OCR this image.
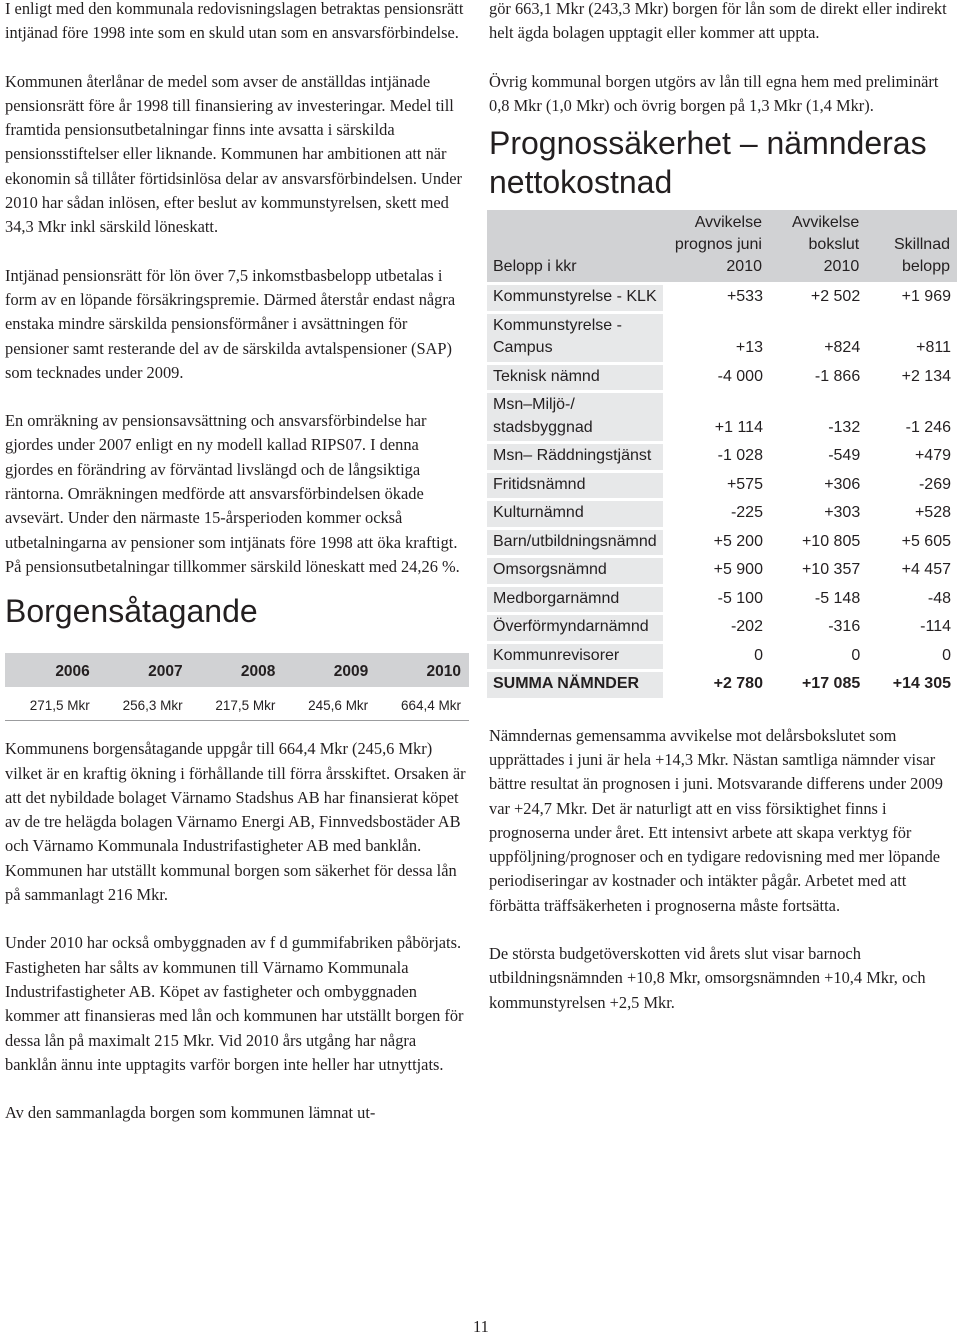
I enligt med den kommunala redovisningslagen betraktas pensionsrätt intjänad före 1998 inte som en skuld utan som en ansvarsförbindelse.

Kommunen återlånar de medel som avser de anställdas intjänade pensionsrätt före år 1998 till finansiering av investeringar. Medel till framtida pensionsutbetalningar finns inte avsatta i särskilda pensionsstiftelser eller liknande. Kommunen har ambitionen att när ekonomin så tillåter förtidsinlösa delar av ansvarsförbindelsen. Under 2010 har sådan inlösen, efter beslut av kommunstyrelsen, skett med 34,3 Mkr inkl särskild löneskatt.

Intjänad pensionsrätt för lön över 7,5 inkomstbasbelopp utbetalas i form av en löpande försäkringspremie. Därmed återstår endast några enstaka mindre särskilda pensionsförmåner i avsättningen för pensioner samt resterande del av de särskilda avtalspensioner (SAP) som tecknades under 2009.

En omräkning av pensionsavsättning och ansvarsförbindelse har gjordes under 2007 enligt en ny modell kallad RIPS07. I denna gjordes en förändring av förväntad livslängd och de långsiktiga räntorna. Omräkningen medförde att ansvarsförbindelsen ökade avsevärt. Under den närmaste 15-årsperioden kommer också utbetalningarna av pensioner som intjänats före 1998 att öka kraftigt. På pensionsutbetalningar tillkommer särskild löneskatt med 24,26 %.

Borgensåtagande
2006	2007	2008	2009	2010
271,5 Mkr	256,3 Mkr	217,5 Mkr	245,6 Mkr	664,4 Mkr

Kommunens borgensåtagande uppgår till 664,4 Mkr (245,6 Mkr) vilket är en kraftig ökning i förhållande till förra årsskiftet. Orsaken är att det nybildade bolaget Värnamo Stadshus AB har finansierat köpet av de tre helägda bolagen Värnamo Energi AB, Finnvedsbostäder AB och Värnamo Kommunala Industrifastigheter AB med banklån. Kommunen har utställt kommunal borgen som säkerhet för dessa lån på sammanlagt 216 Mkr.

Under 2010 har också ombyggnaden av f d gummifabriken påbörjats. Fastigheten har sålts av kommunen till Värnamo Kommunala Industrifastigheter AB. Köpet av fastigheter och ombyggnaden kommer att finansieras med lån och kommunen har utställt borgen för dessa lån på maximalt 215 Mkr. Vid 2010 års utgång har några banklån ännu inte upptagits varför borgen inte heller har utnyttjats.

Av den sammanlagda borgen som kommunen lämnat ut-

gör 663,1 Mkr (243,3 Mkr) borgen för lån som de direkt eller indirekt helt ägda bolagen upptagit eller kommer att uppta.

Övrig kommunal borgen utgörs av lån till egna hem med preliminärt 0,8 Mkr (1,0 Mkr) och övrig borgen på 1,3 Mkr (1,4 Mkr).

Prognossäkerhet – nämnderas nettokostnad
Belopp i kkr	Avvikelse prognos juni 2010	Avvikelse bokslut 2010	Skillnad belopp
Kommunstyrelse - KLK	+533	+2 502	+1 969
Kommunstyrelse - Campus	+13	+824	+811
Teknisk nämnd	-4 000	-1 866	+2 134
Msn–Miljö-/ stadsbyggnad	+1 114	-132	-1 246
Msn– Räddningstjänst	-1 028	-549	+479
Fritidsnämnd	+575	+306	-269
Kulturnämnd	-225	+303	+528
Barn/utbildningsnämnd	+5 200	+10 805	+5 605
Omsorgsnämnd	+5 900	+10 357	+4 457
Medborgarnämnd	-5 100	-5 148	-48
Överförmyndarnämnd	-202	-316	-114
Kommunrevisorer	0	0	0
SUMMA NÄMNDER	+2 780	+17 085	+14 305

Nämndernas gemensamma avvikelse mot delårsbokslutet som upprättades i juni är hela +14,3 Mkr. Nästan samtliga nämnder visar bättre resultat än prognosen i juni. Motsvarande differens under 2009 var +24,7 Mkr. Det är naturligt att en viss försiktighet finns i prognoserna under året. Ett intensivt arbete att skapa verktyg för uppföljning/prognoser och en tydigare redovisning med mer löpande periodiseringar av kostnader och intäkter pågår. Arbetet med att förbätta träffsäkerheten i prognoserna måste fortsätta.

De största budgetöverskotten vid årets slut visar barnoch utbildningsnämnden +10,8 Mkr, omsorgsnämnden +10,4 Mkr, och kommunstyrelsen +2,5 Mkr.

11
